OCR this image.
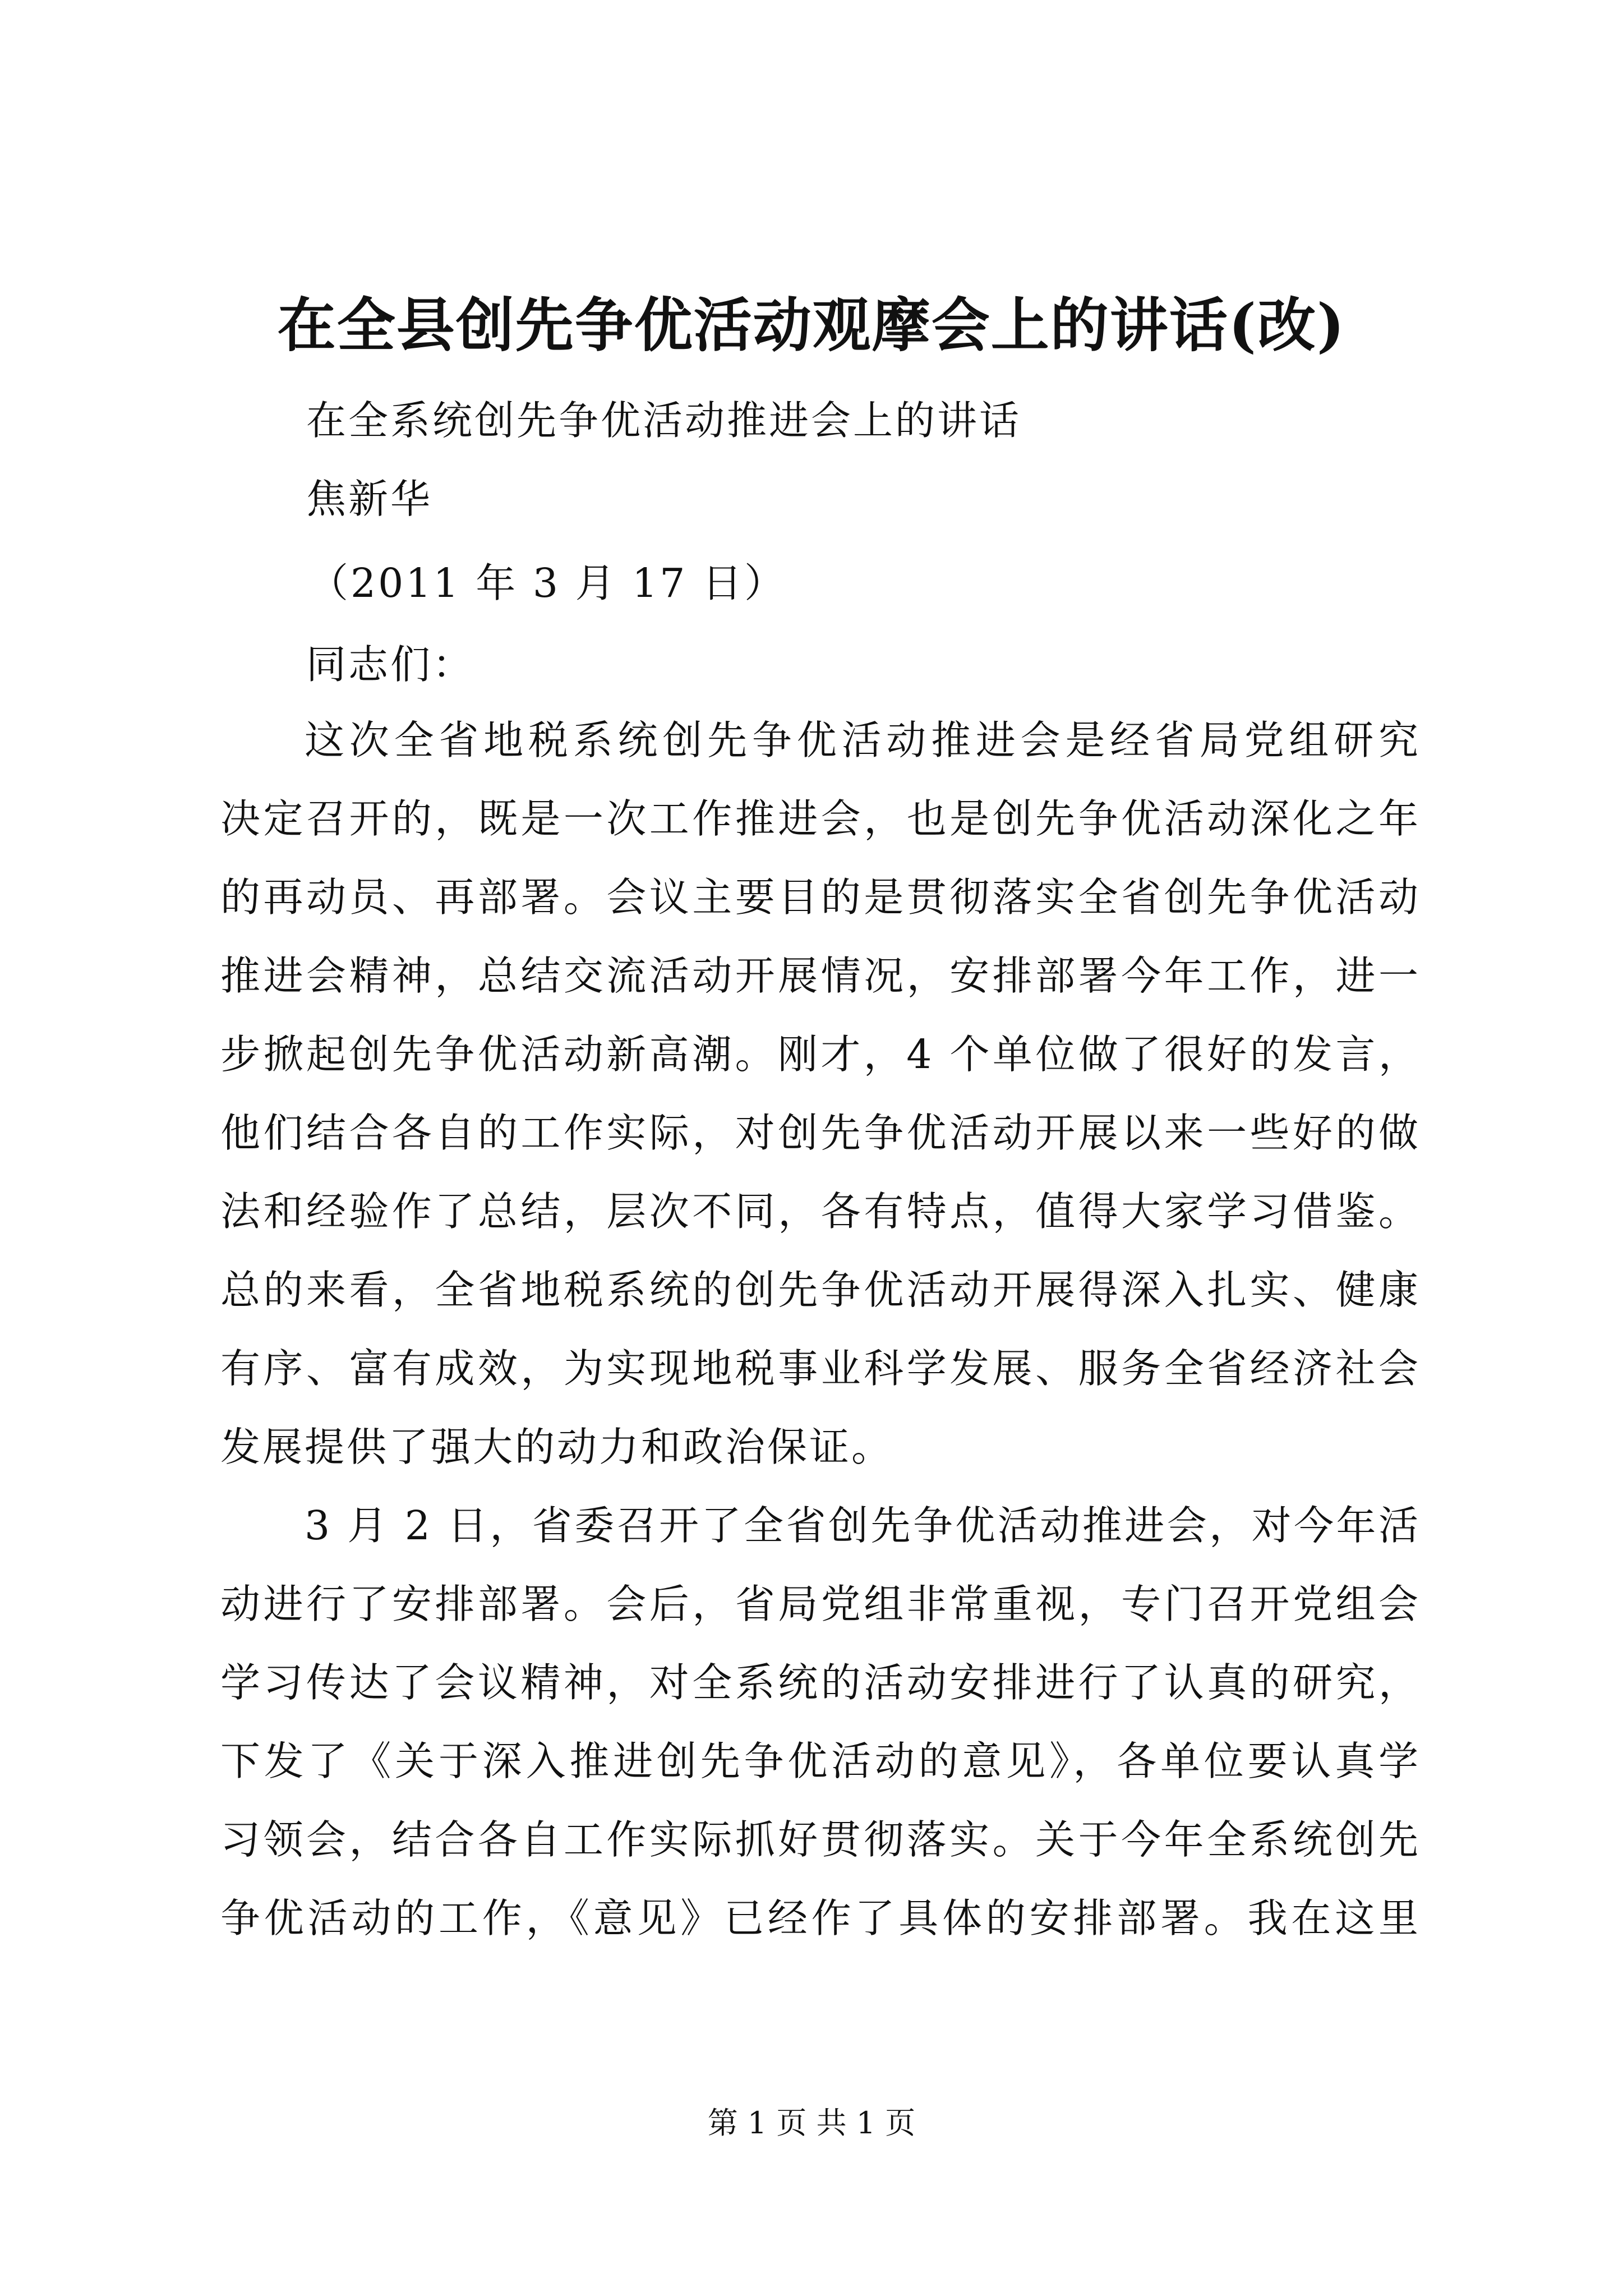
在全县创先争优活动观摩会上的讲话(改)
在全系统创先争优活动推进会上的讲话
焦新华
（2011 年 3 月 17 日）
同志们：
这次全省地税系统创先争优活动推进会是经省局党组研究
决定召开的，既是一次工作推进会，也是创先争优活动深化之年
的再动员、再部署。会议主要目的是贯彻落实全省创先争优活动
推进会精神，总结交流活动开展情况，安排部署今年工作，进一
步掀起创先争优活动新高潮。刚才，4 个单位做了很好的发言，
他们结合各自的工作实际，对创先争优活动开展以来一些好的做
法和经验作了总结，层次不同，各有特点，值得大家学习借鉴。
总的来看，全省地税系统的创先争优活动开展得深入扎实、健康
有序、富有成效，为实现地税事业科学发展、服务全省经济社会
发展提供了强大的动力和政治保证。
3 月 2 日，省委召开了全省创先争优活动推进会，对今年活
动进行了安排部署。会后，省局党组非常重视，专门召开党组会
学习传达了会议精神，对全系统的活动安排进行了认真的研究，
下发了《关于深入推进创先争优活动的意见》，各单位要认真学
习领会，结合各自工作实际抓好贯彻落实。关于今年全系统创先
争优活动的工作，《意见》已经作了具体的安排部署。我在这里
第 1 页 共 1 页
